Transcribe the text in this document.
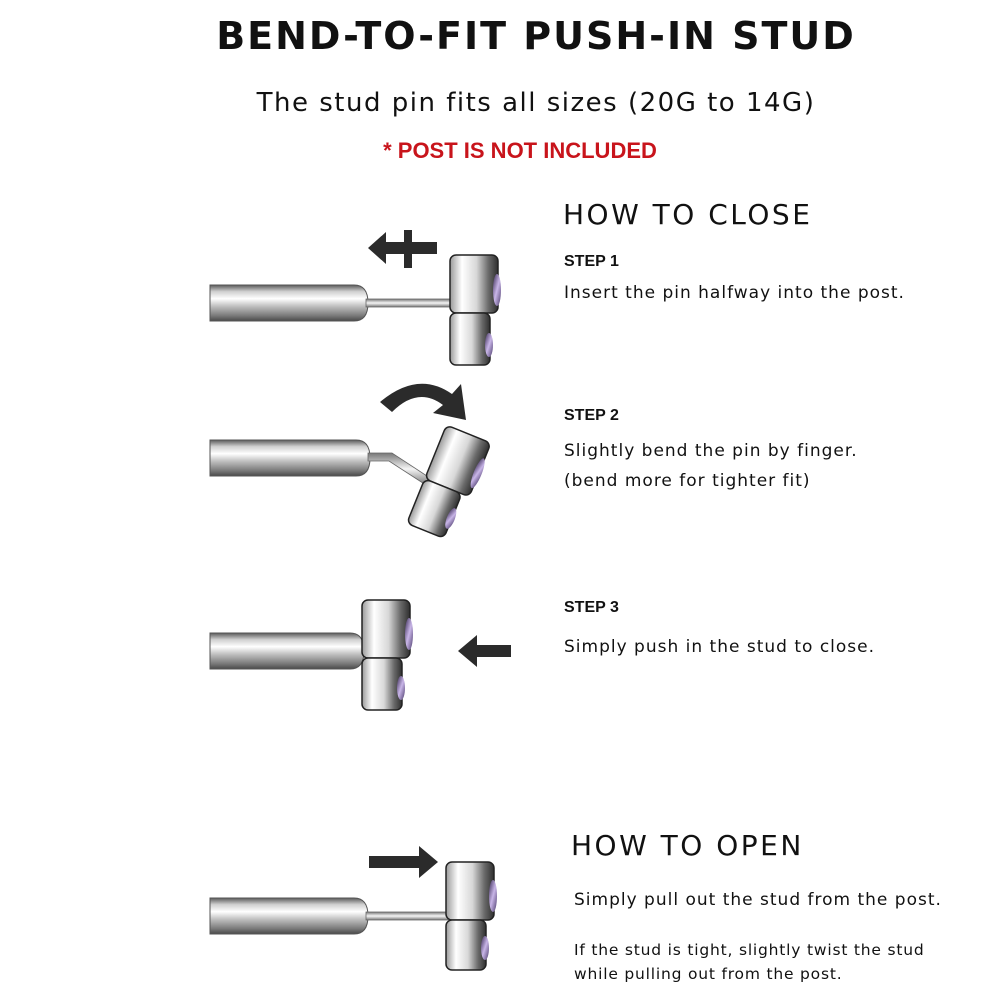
BEND-TO-FIT PUSH-IN STUD
The stud pin fits all sizes (20G to 14G)
* POST IS NOT INCLUDED
HOW TO CLOSE
STEP 1
Insert the pin halfway into the post.
STEP 2
Slightly bend the pin by finger.
(bend more for tighter fit)
STEP 3
Simply push in the stud to close.
HOW TO OPEN
Simply pull out the stud from the post.
If the stud is tight, slightly twist the stud
while pulling out from the post.
